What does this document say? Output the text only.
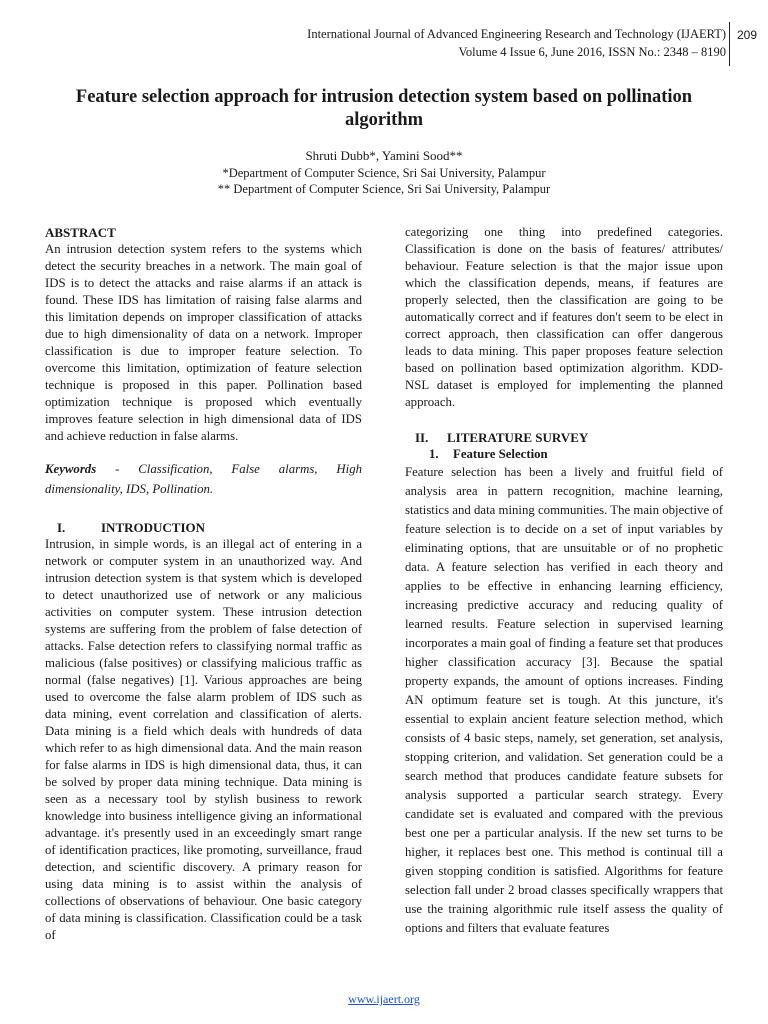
International Journal of Advanced Engineering Research and Technology (IJAERT)
Volume 4 Issue 6, June 2016, ISSN No.: 2348 – 8190
209
Feature selection approach for intrusion detection system based on pollination algorithm
Shruti Dubb*, Yamini Sood**
*Department of Computer Science, Sri Sai University, Palampur
** Department of Computer Science, Sri Sai University, Palampur

ABSTRACT

An intrusion detection system refers to the systems which detect the security breaches in a network. The main goal of IDS is to detect the attacks and raise alarms if an attack is found. These IDS has limitation of raising false alarms and this limitation depends on improper classification of attacks due to high dimensionality of data on a network. Improper classification is due to improper feature selection. To overcome this limitation, optimization of feature selection technique is proposed in this paper. Pollination based optimization technique is proposed which eventually improves feature selection in high dimensional data of IDS and achieve reduction in false alarms.

Keywords - Classification, False alarms, High dimensionality, IDS, Pollination.

I.	INTRODUCTION

Intrusion, in simple words, is an illegal act of entering in a network or computer system in an unauthorized way. And intrusion detection system is that system which is developed to detect unauthorized use of network or any malicious activities on computer system. These intrusion detection systems are suffering from the problem of false detection of attacks. False detection refers to classifying normal traffic as malicious (false positives) or classifying malicious traffic as normal (false negatives) [1]. Various approaches are being used to overcome the false alarm problem of IDS such as data mining, event correlation and classification of alerts. Data mining is a field which deals with hundreds of data which refer to as high dimensional data. And the main reason for false alarms in IDS is high dimensional data, thus, it can be solved by proper data mining technique. Data mining is seen as a necessary tool by stylish business to rework knowledge into business intelligence giving an informational advantage. it's presently used in an exceedingly smart range of identification practices, like promoting, surveillance, fraud detection, and scientific discovery. A primary reason for using data mining is to assist within the analysis of collections of observations of behaviour. One basic category of data mining is classification. Classification could be a task of

categorizing one thing into predefined categories. Classification is done on the basis of features/ attributes/ behaviour. Feature selection is that the major issue upon which the classification depends, means, if features are properly selected, then the classification are going to be automatically correct and if features don't seem to be elect in correct approach, then classification can offer dangerous leads to data mining. This paper proposes feature selection based on pollination based optimization algorithm. KDD-NSL dataset is employed for implementing the planned approach.

II. LITERATURE SURVEY

1. Feature Selection

Feature selection has been a lively and fruitful field of analysis area in pattern recognition, machine learning, statistics and data mining communities. The main objective of feature selection is to decide on a set of input variables by eliminating options, that are unsuitable or of no prophetic data. A feature selection has verified in each theory and applies to be effective in enhancing learning efficiency, increasing predictive accuracy and reducing quality of learned results. Feature selection in supervised learning incorporates a main goal of finding a feature set that produces higher classification accuracy [3]. Because the spatial property expands, the amount of options increases. Finding AN optimum feature set is tough. At this juncture, it's essential to explain ancient feature selection method, which consists of 4 basic steps, namely, set generation, set analysis, stopping criterion, and validation. Set generation could be a search method that produces candidate feature subsets for analysis supported a particular search strategy. Every candidate set is evaluated and compared with the previous best one per a particular analysis. If the new set turns to be higher, it replaces best one. This method is continual till a given stopping condition is satisfied. Algorithms for feature selection fall under 2 broad classes specifically wrappers that use the training algorithmic rule itself assess the quality of options and filters that evaluate features

www.ijaert.org
